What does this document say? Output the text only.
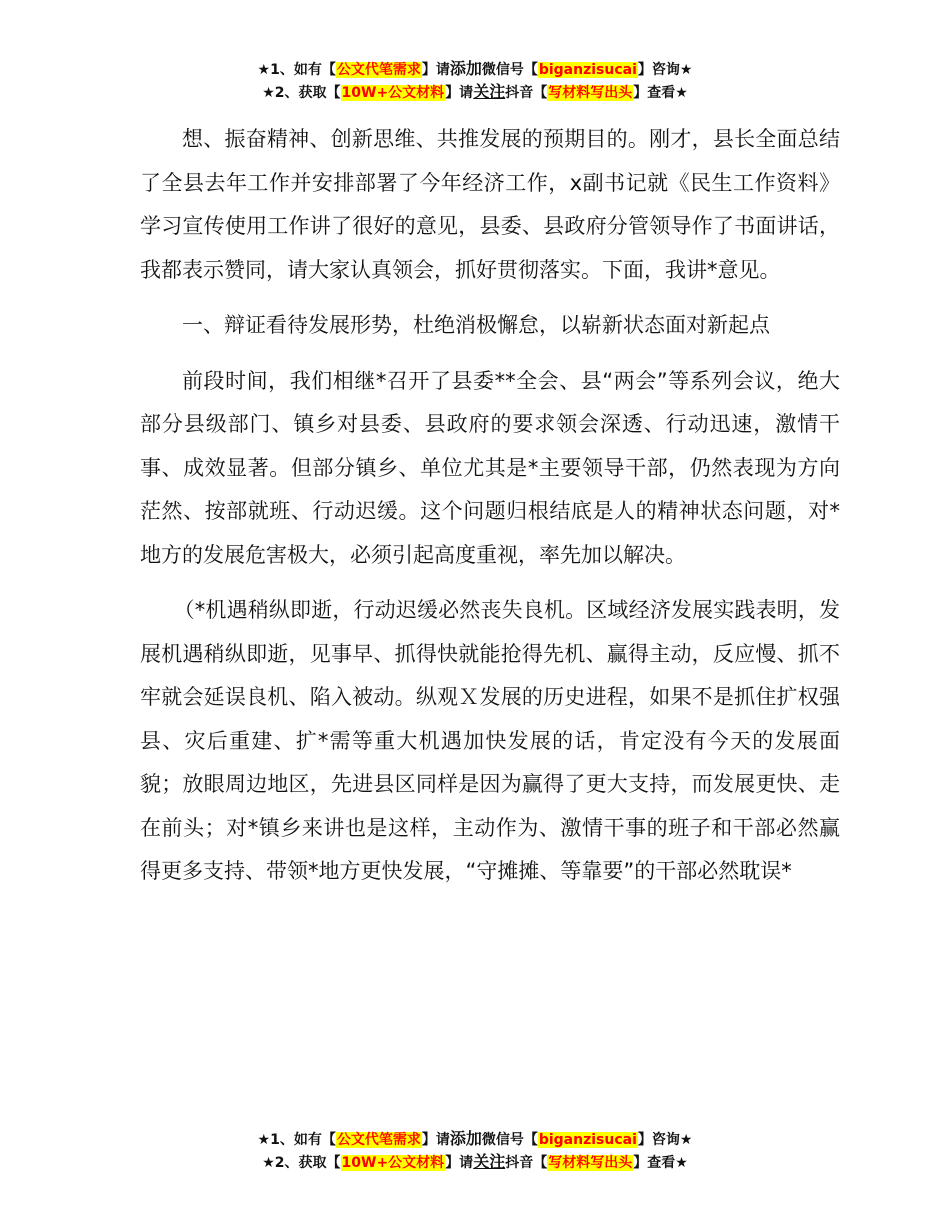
★1、如有【公文代笔需求】请添加微信号【biganzisucai】咨询★
★2、获取【10W+公文材料】请关注抖音【写材料写出头】查看★

想、振奋精神、创新思维、共推发展的预期目的。刚才，县长全面总结了全县去年工作并安排部署了今年经济工作，x副书记就《民生工作资料》学习宣传使用工作讲了很好的意见，县委、县政府分管领导作了书面讲话，我都表示赞同，请大家认真领会，抓好贯彻落实。下面，我讲*意见。

一、辩证看待发展形势，杜绝消极懈怠，以崭新状态面对新起点

前段时间，我们相继*召开了县委**全会、县“两会”等系列会议，绝大部分县级部门、镇乡对县委、县政府的要求领会深透、行动迅速，激情干事、成效显著。但部分镇乡、单位尤其是*主要领导干部，仍然表现为方向茫然、按部就班、行动迟缓。这个问题归根结底是人的精神状态问题，对*地方的发展危害极大，必须引起高度重视，率先加以解决。

（*机遇稍纵即逝，行动迟缓必然丧失良机。区域经济发展实践表明，发展机遇稍纵即逝，见事早、抓得快就能抢得先机、赢得主动，反应慢、抓不牢就会延误良机、陷入被动。纵观Ｘ发展的历史进程，如果不是抓住扩权强县、灾后重建、扩*需等重大机遇加快发展的话，肯定没有今天的发展面貌；放眼周边地区，先进县区同样是因为赢得了更大支持，而发展更快、走在前头；对*镇乡来讲也是这样，主动作为、激情干事的班子和干部必然赢得更多支持、带领*地方更快发展，“守摊摊、等靠要”的干部必然耽误*

★1、如有【公文代笔需求】请添加微信号【biganzisucai】咨询★
★2、获取【10W+公文材料】请关注抖音【写材料写出头】查看★
